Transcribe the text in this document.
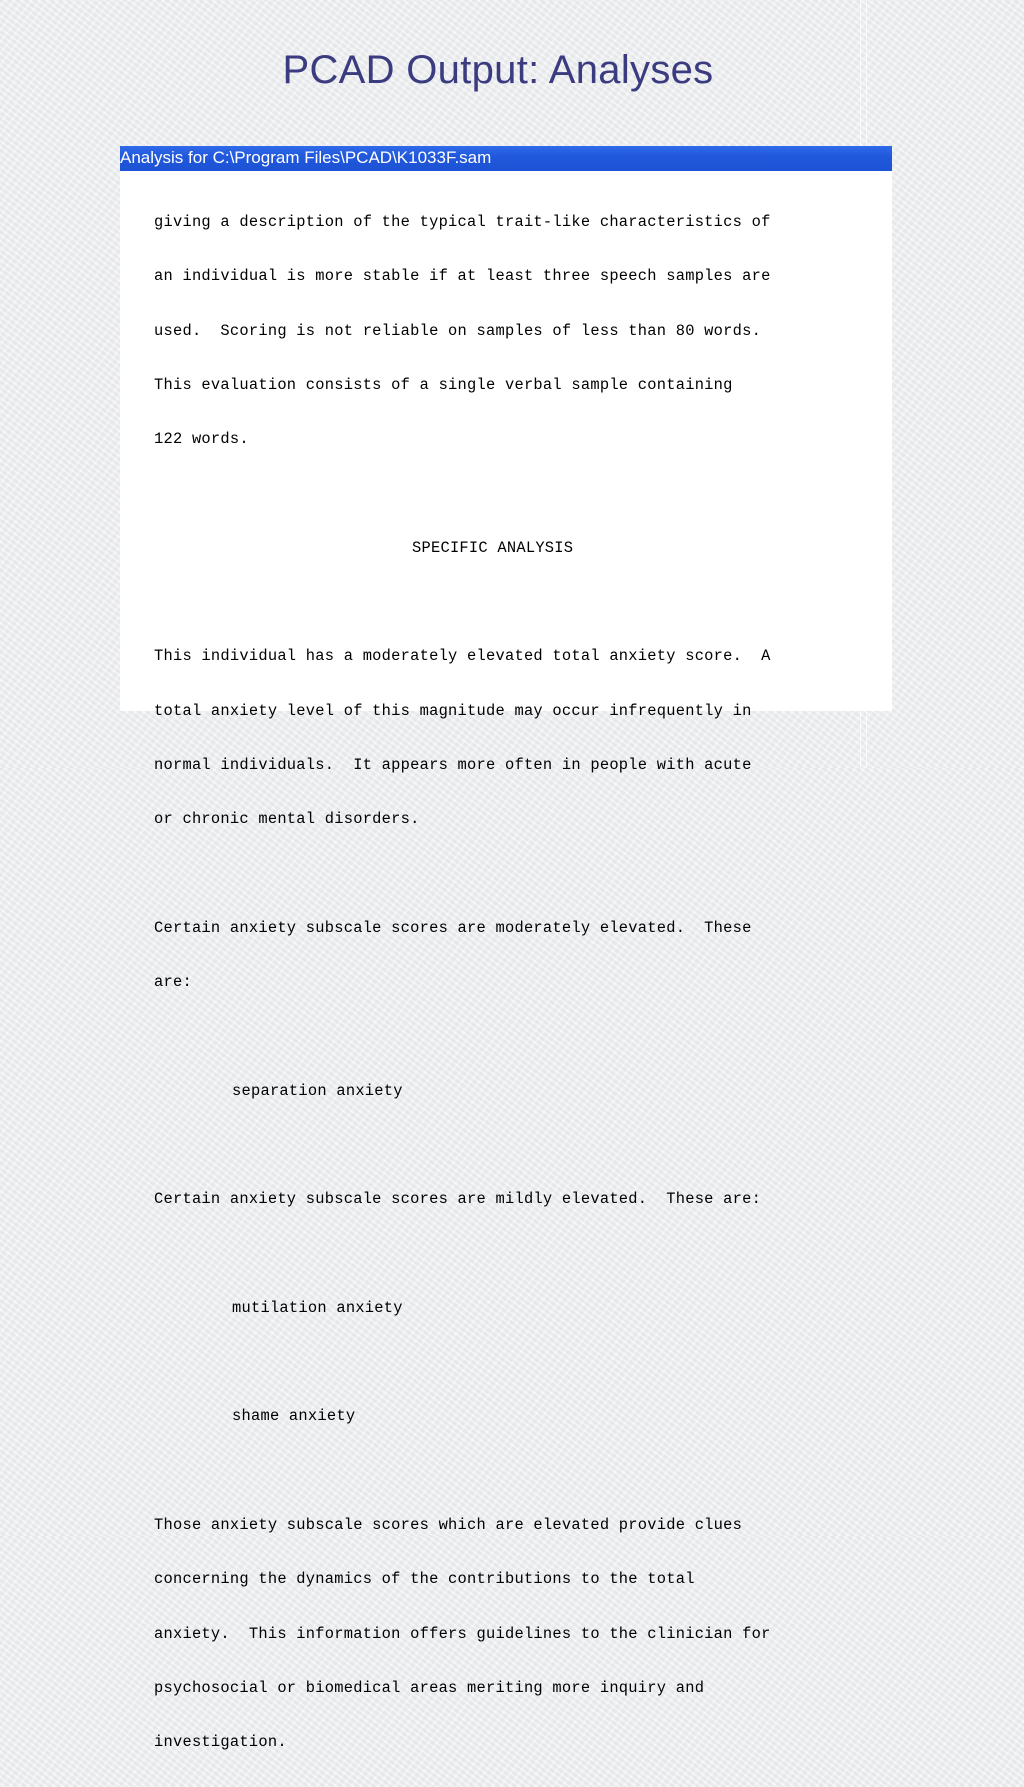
PCAD Output: Analyses
Analysis for C:\Program Files\PCAD\K1033F.sam

giving a description of the typical trait-like characteristics of

an individual is more stable if at least three speech samples are

used.  Scoring is not reliable on samples of less than 80 words.

This evaluation consists of a single verbal sample containing

122 words.

SPECIFIC ANALYSIS

This individual has a moderately elevated total anxiety score.  A

total anxiety level of this magnitude may occur infrequently in

normal individuals.  It appears more often in people with acute

or chronic mental disorders.

Certain anxiety subscale scores are moderately elevated.  These

are:

separation anxiety

Certain anxiety subscale scores are mildly elevated.  These are:

mutilation anxiety

shame anxiety

Those anxiety subscale scores which are elevated provide clues

concerning the dynamics of the contributions to the total

anxiety.  This information offers guidelines to the clinician for

psychosocial or biomedical areas meriting more inquiry and

investigation.
